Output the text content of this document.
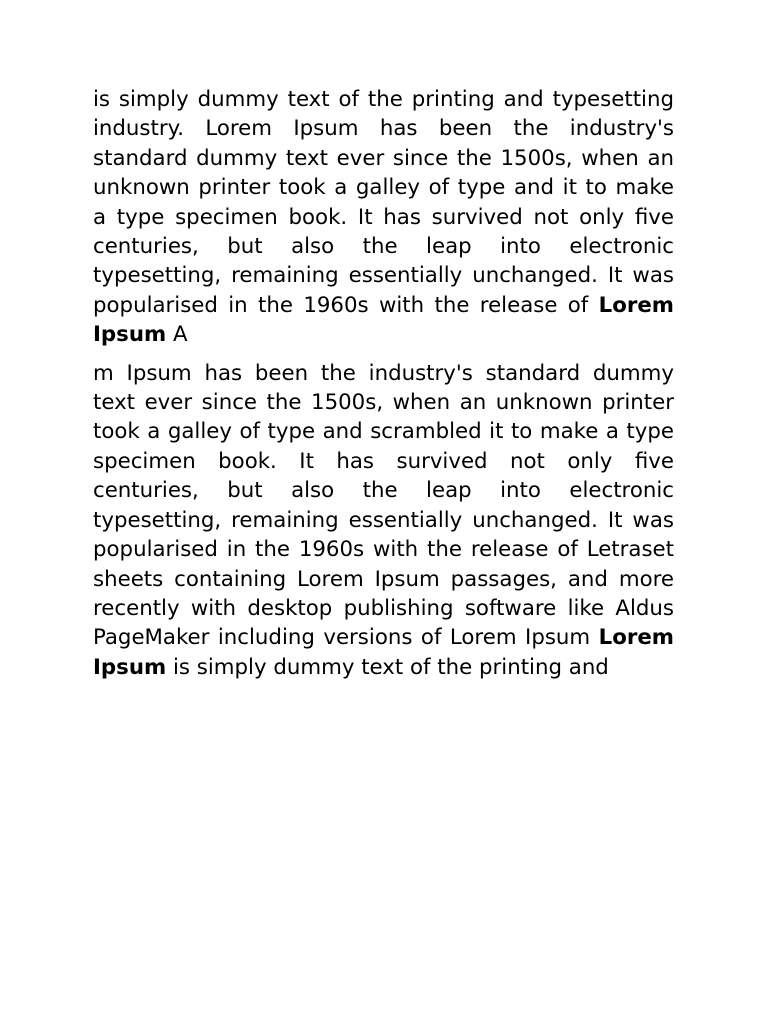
is simply dummy text of the printing and typesetting industry. Lorem Ipsum has been the industry's standard dummy text ever since the 1500s, when an unknown printer took a galley of type and it to make a type specimen book. It has survived not only five centuries, but also the leap into electronic typesetting, remaining essentially unchanged. It was popularised in the 1960s with the release of Lorem Ipsum A

m Ipsum has been the industry's standard dummy text ever since the 1500s, when an unknown printer took a galley of type and scrambled it to make a type specimen book. It has survived not only five centuries, but also the leap into electronic typesetting, remaining essentially unchanged. It was popularised in the 1960s with the release of Letraset sheets containing Lorem Ipsum passages, and more recently with desktop publishing software like Aldus PageMaker including versions of Lorem Ipsum Lorem Ipsum is simply dummy text of the printing and
